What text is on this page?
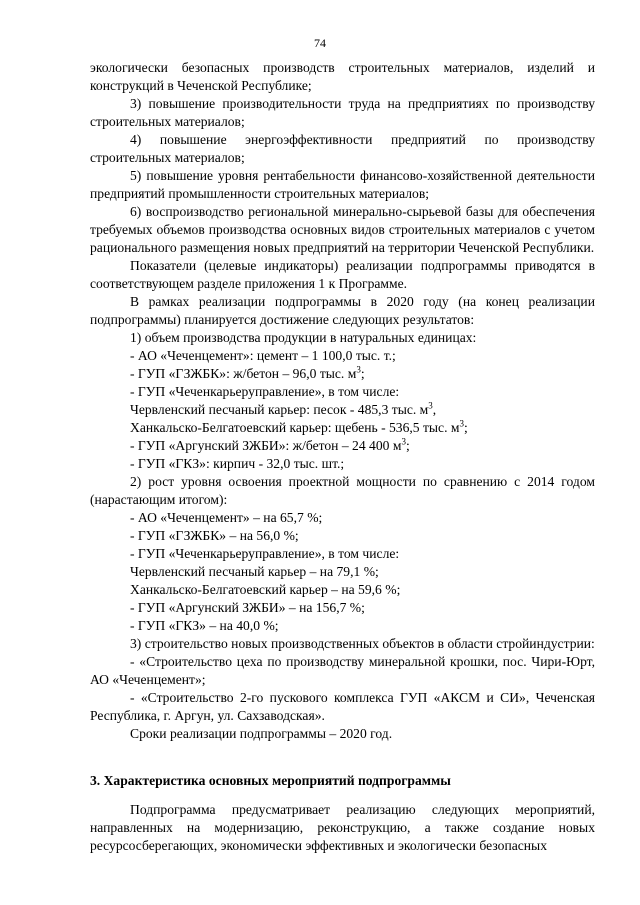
74

экологически безопасных производств строительных материалов, изделий и конструкций в Чеченской Республике;

3) повышение производительности труда на предприятиях по производству строительных материалов;

4) повышение энергоэффективности предприятий по производству строительных материалов;

5) повышение уровня рентабельности финансово-хозяйственной деятельности предприятий промышленности строительных материалов;

6) воспроизводство региональной минерально-сырьевой базы для обеспечения требуемых объемов производства основных видов строительных материалов с учетом рационального размещения новых предприятий на территории Чеченской Республики.

Показатели (целевые индикаторы) реализации подпрограммы приводятся в соответствующем разделе приложения 1 к Программе.

В рамках реализации подпрограммы в 2020 году (на конец реализации подпрограммы) планируется достижение следующих результатов:

1) объем производства продукции в натуральных единицах:

- АО «Чеченцемент»: цемент – 1 100,0 тыс. т.;

- ГУП «ГЗЖБК»: ж/бетон – 96,0 тыс. $м^3$;

- ГУП «Чеченкарьеруправление», в том числе:

Червленский песчаный карьер: песок - 485,3 тыс. $м^3$,

Ханкальско-Белгатоевский карьер: щебень - 536,5 тыс. $м^3$;

- ГУП «Аргунский ЗЖБИ»: ж/бетон – 24 400 $м^3$;

- ГУП «ГКЗ»: кирпич - 32,0 тыс. шт.;

2) рост уровня освоения проектной мощности по сравнению с 2014 годом (нарастающим итогом):

- АО «Чеченцемент» – на 65,7 %;

- ГУП «ГЗЖБК» – на 56,0 %;

- ГУП «Чеченкарьеруправление», в том числе:

Червленский песчаный карьер – на 79,1 %;

Ханкальско-Белгатоевский карьер – на 59,6 %;

- ГУП «Аргунский ЗЖБИ» – на 156,7 %;

- ГУП «ГКЗ» – на 40,0 %;

3) строительство новых производственных объектов в области стройиндустрии:

- «Строительство цеха по производству минеральной крошки, пос. Чири-Юрт, АО «Чеченцемент»;

- «Строительство 2-го пускового комплекса ГУП «АКСМ и СИ», Чеченская Республика, г. Аргун, ул. Сахзаводская».

Сроки реализации подпрограммы – 2020 год.

3. Характеристика основных мероприятий подпрограммы

Подпрограмма предусматривает реализацию следующих мероприятий, направленных на модернизацию, реконструкцию, а также создание новых ресурсосберегающих, экономически эффективных и экологически безопасных
